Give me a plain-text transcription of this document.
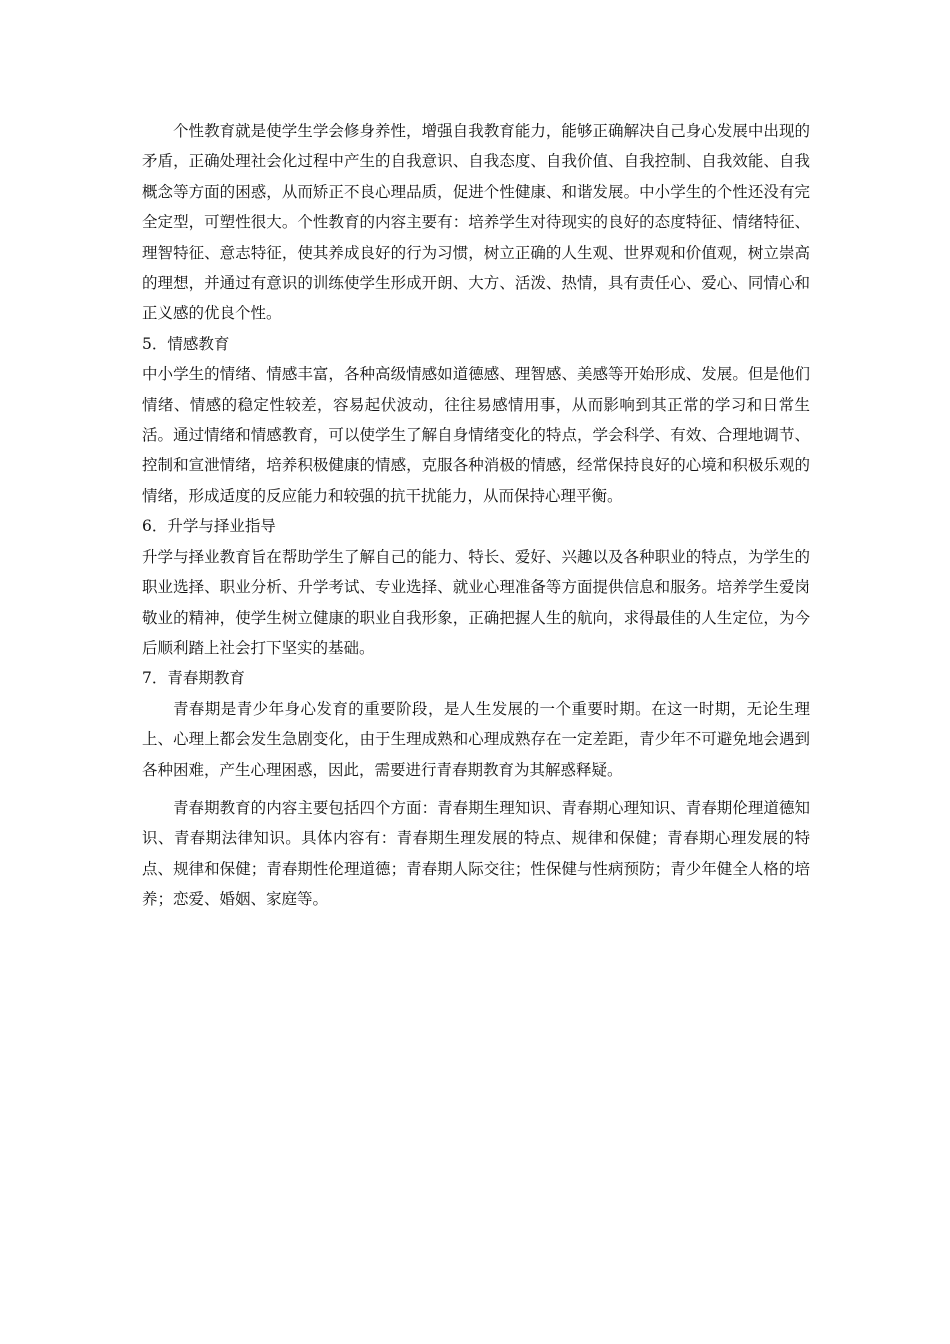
个性教育就是使学生学会修身养性，增强自我教育能力，能够正确解决自己身心发展中出现的矛盾，正确处理社会化过程中产生的自我意识、自我态度、自我价值、自我控制、自我效能、自我概念等方面的困惑，从而矫正不良心理品质，促进个性健康、和谐发展。中小学生的个性还没有完全定型，可塑性很大。个性教育的内容主要有：培养学生对待现实的良好的态度特征、情绪特征、理智特征、意志特征，使其养成良好的行为习惯，树立正确的人生观、世界观和价值观，树立崇高的理想，并通过有意识的训练使学生形成开朗、大方、活泼、热情，具有责任心、爱心、同情心和正义感的优良个性。

5．情感教育

中小学生的情绪、情感丰富，各种高级情感如道德感、理智感、美感等开始形成、发展。但是他们情绪、情感的稳定性较差，容易起伏波动，往往易感情用事，从而影响到其正常的学习和日常生活。通过情绪和情感教育，可以使学生了解自身情绪变化的特点，学会科学、有效、合理地调节、控制和宣泄情绪，培养积极健康的情感，克服各种消极的情感，经常保持良好的心境和积极乐观的情绪，形成适度的反应能力和较强的抗干扰能力，从而保持心理平衡。

6．升学与择业指导

升学与择业教育旨在帮助学生了解自己的能力、特长、爱好、兴趣以及各种职业的特点，为学生的职业选择、职业分析、升学考试、专业选择、就业心理准备等方面提供信息和服务。培养学生爱岗敬业的精神，使学生树立健康的职业自我形象，正确把握人生的航向，求得最佳的人生定位，为今后顺利踏上社会打下坚实的基础。

7．青春期教育

青春期是青少年身心发育的重要阶段，是人生发展的一个重要时期。在这一时期，无论生理上、心理上都会发生急剧变化，由于生理成熟和心理成熟存在一定差距，青少年不可避免地会遇到各种困难，产生心理困惑，因此，需要进行青春期教育为其解惑释疑。

青春期教育的内容主要包括四个方面：青春期生理知识、青春期心理知识、青春期伦理道德知识、青春期法律知识。具体内容有：青春期生理发展的特点、规律和保健；青春期心理发展的特点、规律和保健；青春期性伦理道德；青春期人际交往；性保健与性病预防；青少年健全人格的培养；恋爱、婚姻、家庭等。
